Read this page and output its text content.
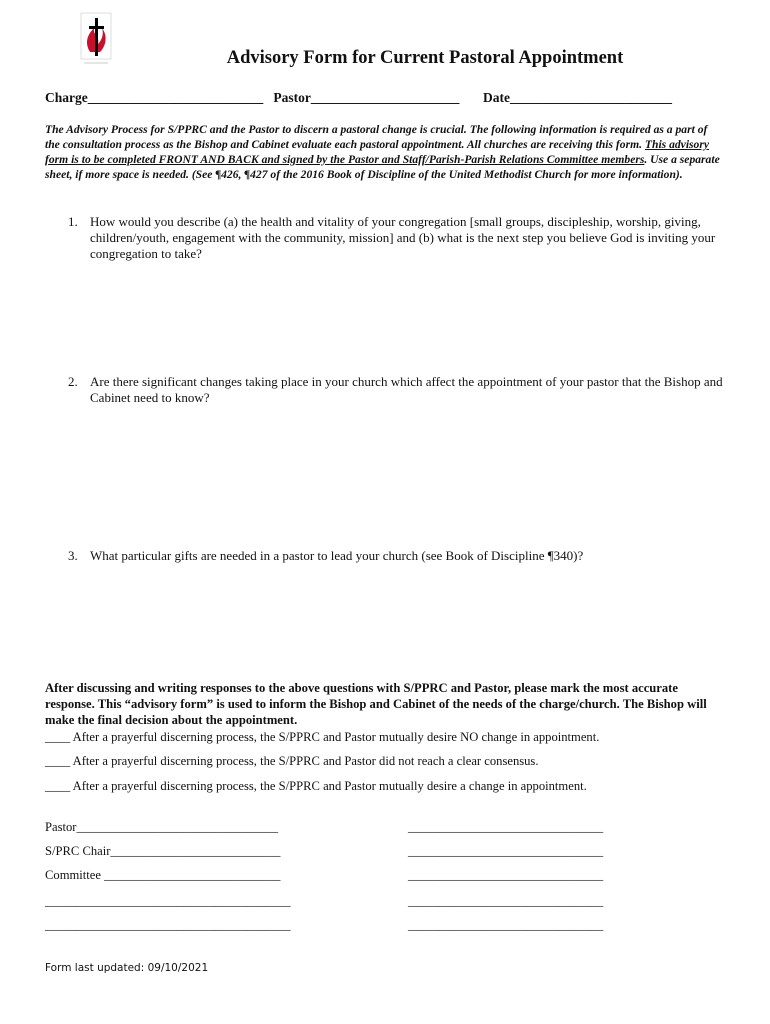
Advisory Form for Current Pastoral Appointment
Charge__________________________ Pastor______________________ Date________________________
The Advisory Process for S/PPRC and the Pastor to discern a pastoral change is crucial. The following information is required as a part of the consultation process as the Bishop and Cabinet evaluate each pastoral appointment. All churches are receiving this form. This advisory form is to be completed FRONT AND BACK and signed by the Pastor and Staff/Parish-Parish Relations Committee members. Use a separate sheet, if more space is needed. (See ¶426, ¶427 of the 2016 Book of Discipline of the United Methodist Church for more information).
1. How would you describe (a) the health and vitality of your congregation [small groups, discipleship, worship, giving, children/youth, engagement with the community, mission] and (b) what is the next step you believe God is inviting your congregation to take?
2. Are there significant changes taking place in your church which affect the appointment of your pastor that the Bishop and Cabinet need to know?
3. What particular gifts are needed in a pastor to lead your church (see Book of Discipline ¶340)?
After discussing and writing responses to the above questions with S/PPRC and Pastor, please mark the most accurate response. This “advisory form” is used to inform the Bishop and Cabinet of the needs of the charge/church. The Bishop will make the final decision about the appointment.
____ After a prayerful discerning process, the S/PPRC and Pastor mutually desire NO change in appointment.
____ After a prayerful discerning process, the S/PPRC and Pastor did not reach a clear consensus.
____ After a prayerful discerning process, the S/PPRC and Pastor mutually desire a change in appointment.
Pastor________________________________
S/PRC Chair___________________________
Committee ____________________________
_______________________________________
_______________________________________
_______________________________
_______________________________
_______________________________
_______________________________
_______________________________
Form last updated: 09/10/2021
